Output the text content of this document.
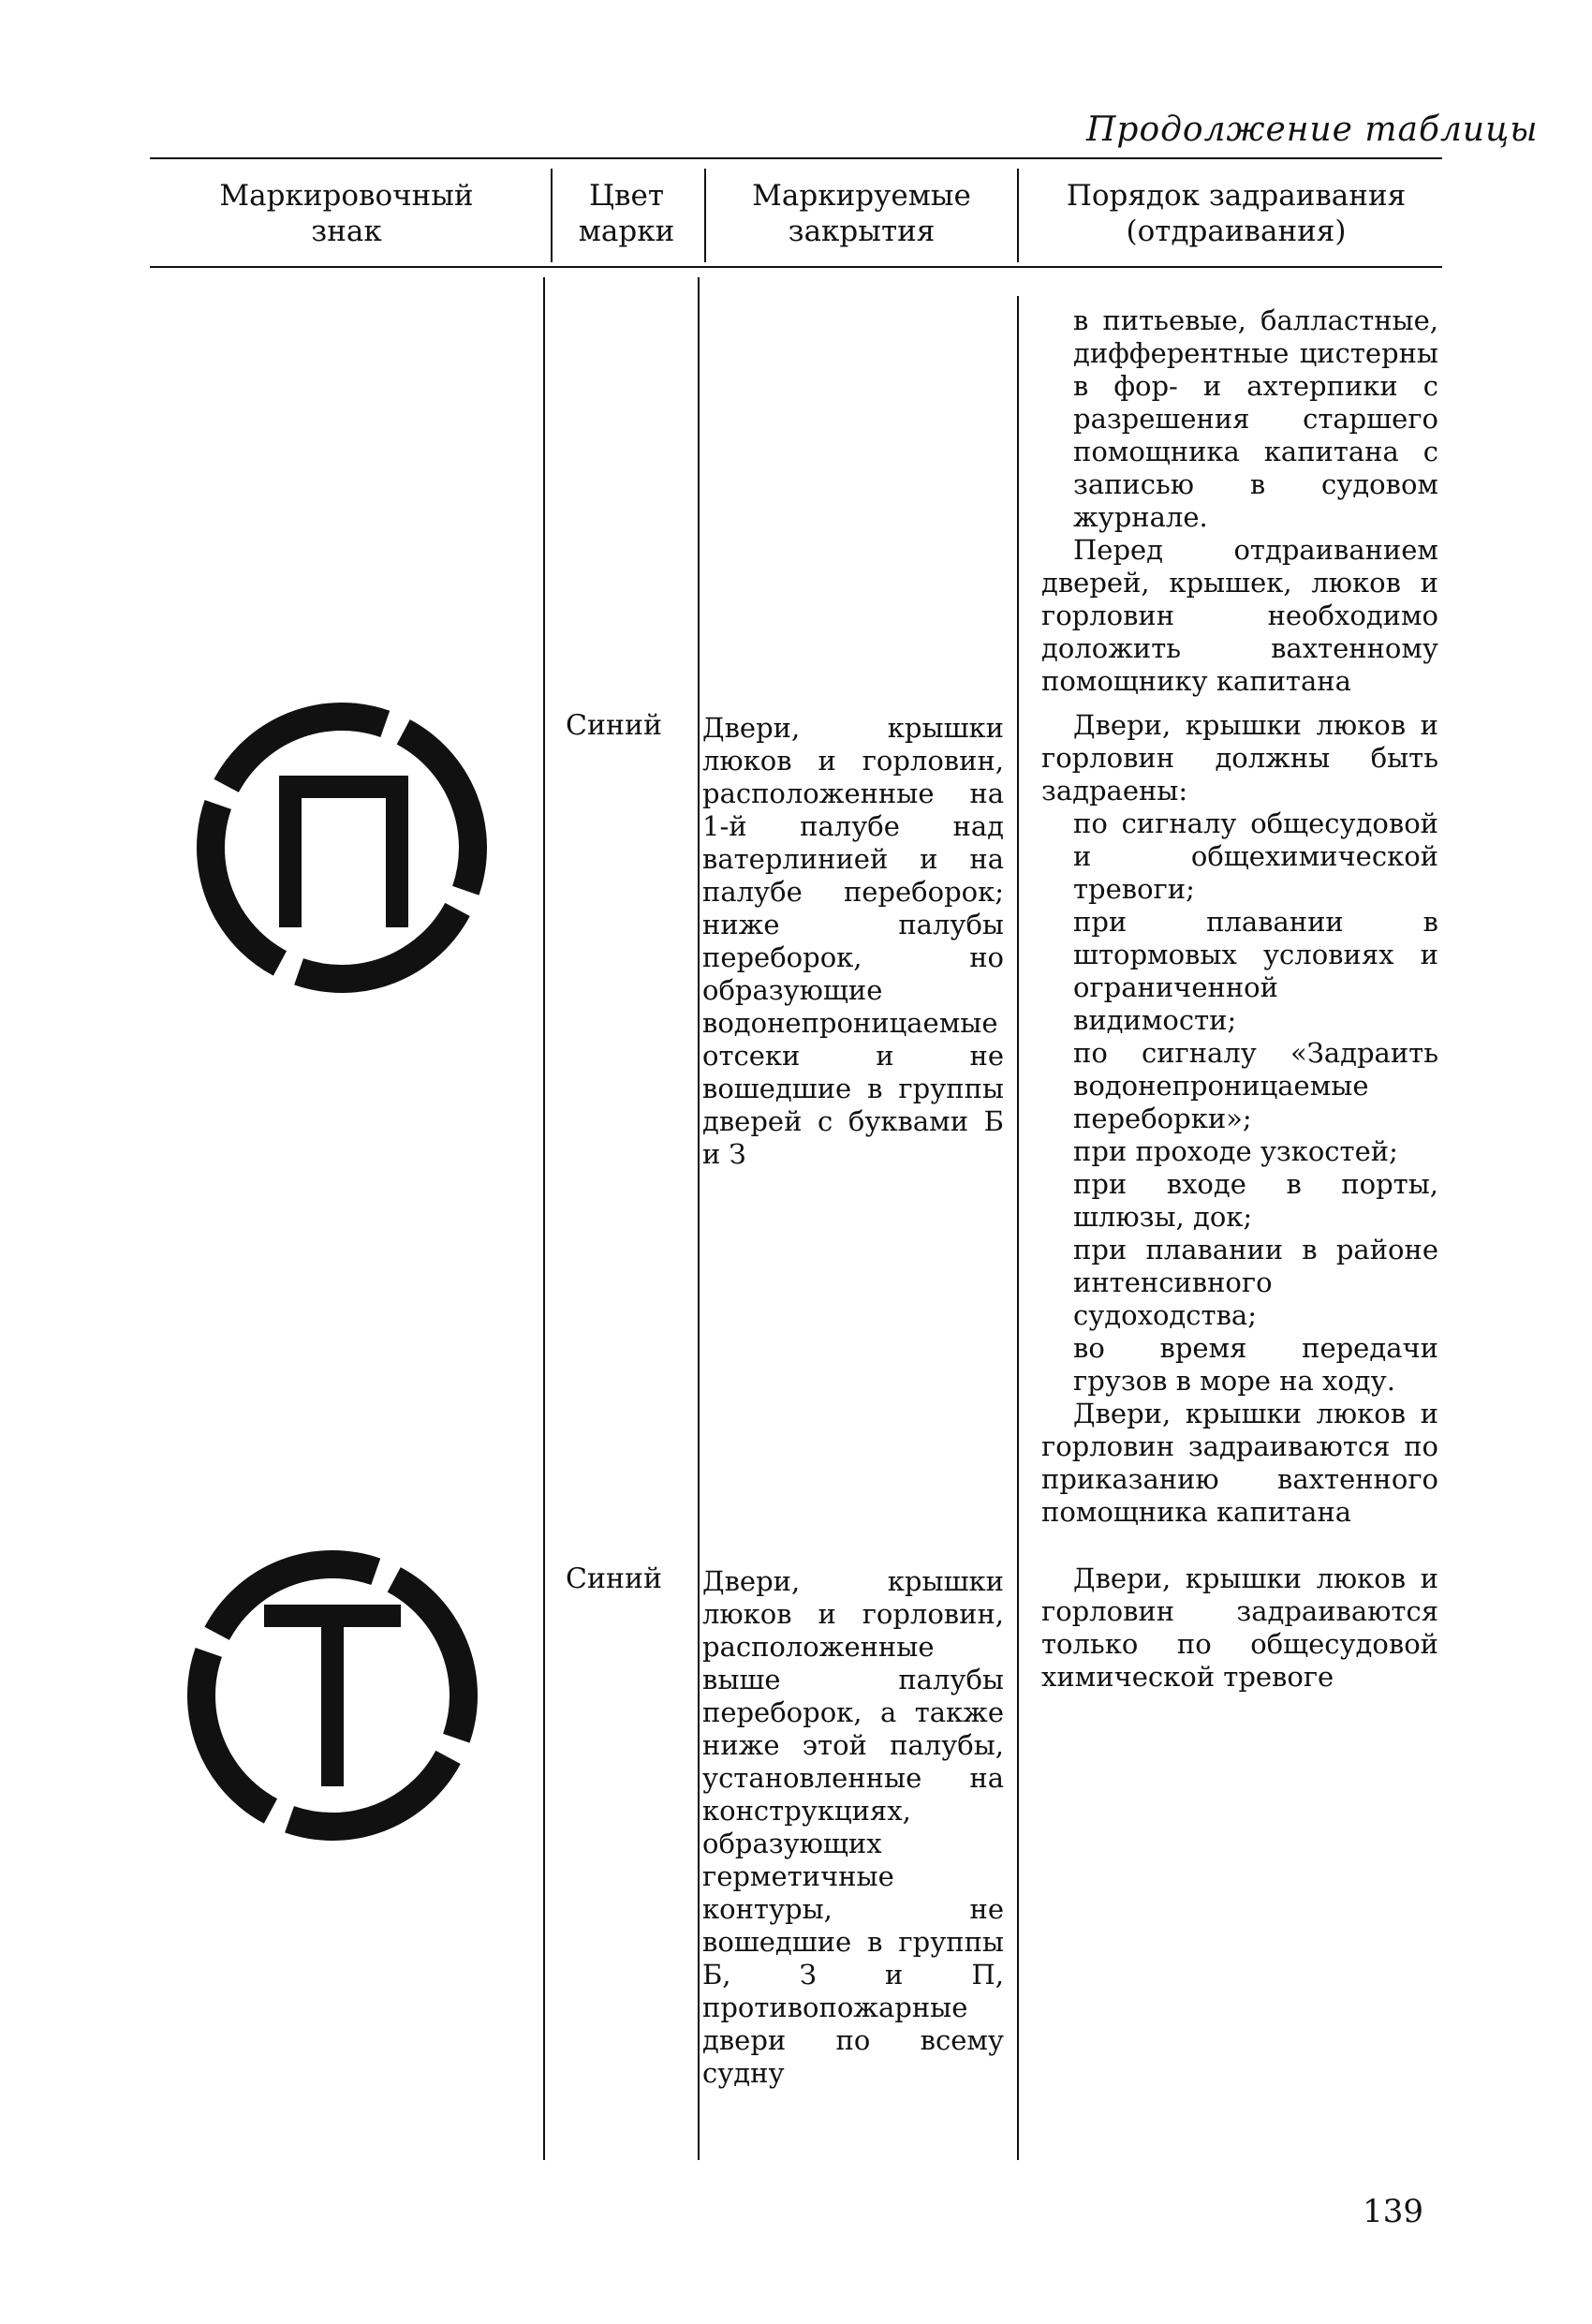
Продолжение таблицы
Маркировочный знак
Цвет марки
Маркируемые закрытия
Порядок задраивания (отдраивания)

в питьевые, балластные, дифферентные цистерны в фор- и ахтерпики с разрешения старшего помощника капитана с записью в судовом журнале.

Перед отдраиванием дверей, крышек, люков и горловин необходимо доложить вахтенному помощнику капитана

П
Синий Двери, крышки люков и горловин, расположенные на 1-й палубе над ватерлинией и на палубе переборок; ниже палубы переборок, но образующие водонепроницаемые отсеки и не вошедшие в группы дверей с буквами Б и З

Двери, крышки люков и горловин должны быть задраены:

по сигналу общесудовой и общехимической тревоги;

при плавании в штормовых условиях и ограниченной видимости;

по сигналу «Задраить водонепроницаемые переборки»;

при проходе узкостей;

при входе в порты, шлюзы, док;

при плавании в районе интенсивного судоходства;

во время передачи грузов в море на ходу.

Двери, крышки люков и горловин задраиваются по приказанию вахтенного помощника капитана

Синий Двери, крышки люков и горловин, расположенные выше палубы переборок, а также ниже этой палубы, установленные на конструкциях, образующих герметичные контуры, не вошедшие в группы Б, З и П, противопожарные двери по всему судну

Двери, крышки люков и горловин задраиваются только по общесудовой химической тревоге

139
